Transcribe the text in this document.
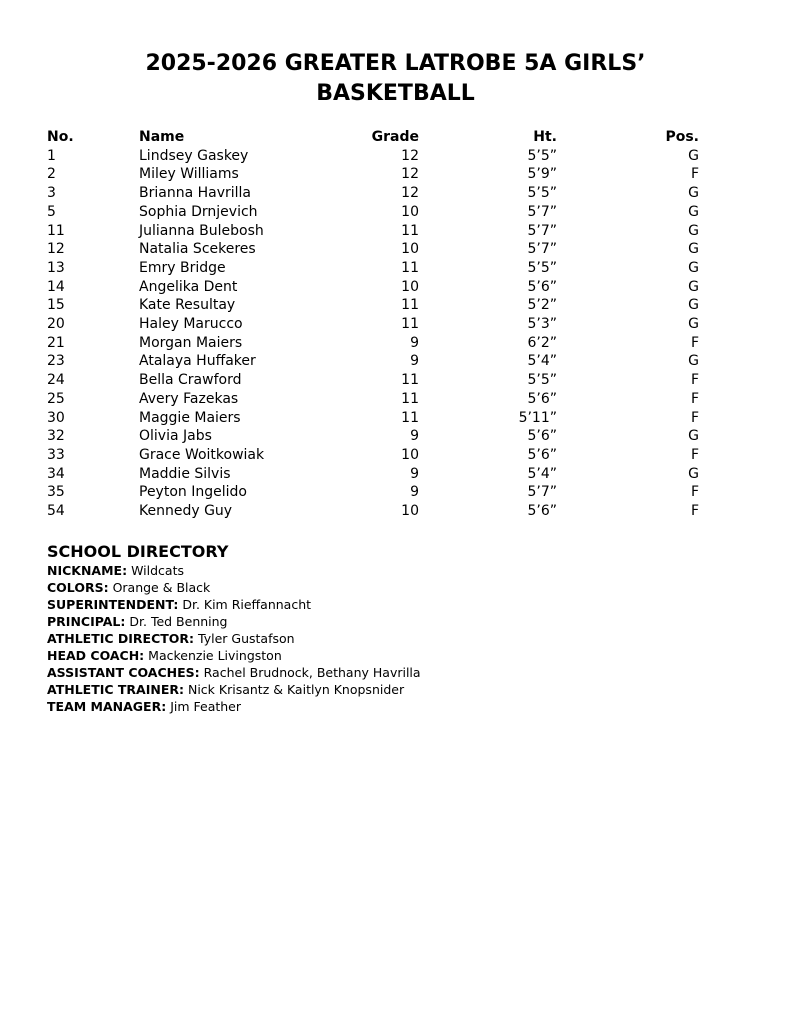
2025-2026 GREATER LATROBE 5A GIRLS’
BASKETBALL
No.	Name	Grade	Ht.	Pos.
1	Lindsey Gaskey	12	5’5”	G
2	Miley Williams	12	5’9”	F
3	Brianna Havrilla	12	5’5”	G
5	Sophia Drnjevich	10	5’7”	G
11	Julianna Bulebosh	11	5’7”	G
12	Natalia Scekeres	10	5’7”	G
13	Emry Bridge	11	5’5”	G
14	Angelika Dent	10	5’6”	G
15	Kate Resultay	11	5’2”	G
20	Haley Marucco	11	5’3”	G
21	Morgan Maiers	9	6’2”	F
23	Atalaya Huffaker	9	5’4”	G
24	Bella Crawford	11	5’5”	F
25	Avery Fazekas	11	5’6”	F
30	Maggie Maiers	11	5’11”	F
32	Olivia Jabs	9	5’6”	G
33	Grace Woitkowiak	10	5’6”	F
34	Maddie Silvis	9	5’4”	G
35	Peyton Ingelido	9	5’7”	F
54	Kennedy Guy	10	5’6”	F
SCHOOL DIRECTORY
NICKNAME: Wildcats
COLORS: Orange & Black
SUPERINTENDENT: Dr. Kim Rieffannacht
PRINCIPAL: Dr. Ted Benning
ATHLETIC DIRECTOR: Tyler Gustafson
HEAD COACH: Mackenzie Livingston
ASSISTANT COACHES: Rachel Brudnock, Bethany Havrilla
ATHLETIC TRAINER: Nick Krisantz & Kaitlyn Knopsnider
TEAM MANAGER: Jim Feather
